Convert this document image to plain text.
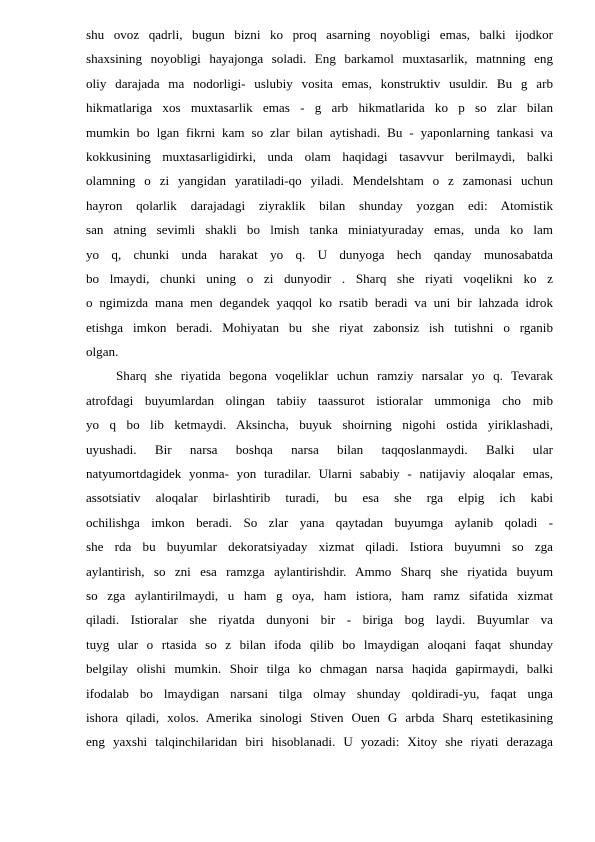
shu ovoz qadrli, bugun bizni ko proq asarning noyobligi emas, balki ijodkor
shaxsining noyobligi hayajonga soladi. Eng barkamol muxtasarlik, matnning eng
oliy darajada ma nodorligi- uslubiy vosita emas, konstruktiv usuldir. Bu g arb
hikmatlariga xos muxtasarlik emas - g arb hikmatlarida ko p so zlar bilan
mumkin bo lgan fikrni kam so zlar bilan aytishadi. Bu - yaponlarning tankasi va
kokkusining muxtasarligidirki, unda olam haqidagi tasavvur berilmaydi, balki
olamning o zi yangidan yaratiladi-qo yiladi. Mendelshtam o z zamonasi uchun
hayron qolarlik darajadagi ziyraklik bilan shunday yozgan edi: Atomistik
san atning sevimli shakli bo lmish tanka miniatyuraday emas, unda ko lam
yo q, chunki unda harakat yo q. U dunyoga hech qanday munosabatda
bo lmaydi, chunki uning o zi dunyodir . Sharq she riyati voqelikni ko z
o ngimizda mana men degandek yaqqol ko rsatib beradi va uni bir lahzada idrok
etishga imkon beradi. Mohiyatan bu she riyat zabonsiz ish tutishni o rganib
olgan.

Sharq she riyatida begona voqeliklar uchun ramziy narsalar yo q. Tevarak
atrofdagi buyumlardan olingan tabiiy taassurot istioralar ummoniga cho mib
yo q bo lib ketmaydi. Aksincha, buyuk shoirning nigohi ostida yiriklashadi,
uyushadi. Bir narsa boshqa narsa bilan taqqoslanmaydi. Balki ular
natyumortdagidek yonma- yon turadilar. Ularni sababiy - natijaviy aloqalar emas,
assotsiativ aloqalar birlashtirib turadi, bu esa she rga elpig ich kabi
ochilishga imkon beradi. So zlar yana qaytadan buyumga aylanib qoladi -
she rda bu buyumlar dekoratsiyaday xizmat qiladi. Istiora buyumni so zga
aylantirish, so zni esa ramzga aylantirishdir. Ammo Sharq she riyatida buyum
so zga aylantirilmaydi, u ham g oya, ham istiora, ham ramz sifatida xizmat
qiladi. Istioralar she riyatda dunyoni bir - biriga bog laydi. Buyumlar va
tuyg ular o rtasida so z bilan ifoda qilib bo lmaydigan aloqani faqat shunday
belgilay olishi mumkin. Shoir tilga ko chmagan narsa haqida gapirmaydi, balki
ifodalab bo lmaydigan narsani tilga olmay shunday qoldiradi-yu, faqat unga
ishora qiladi, xolos. Amerika sinologi Stiven Ouen G arbda Sharq estetikasining
eng yaxshi talqinchilaridan biri hisoblanadi. U yozadi: Xitoy she riyati derazaga
